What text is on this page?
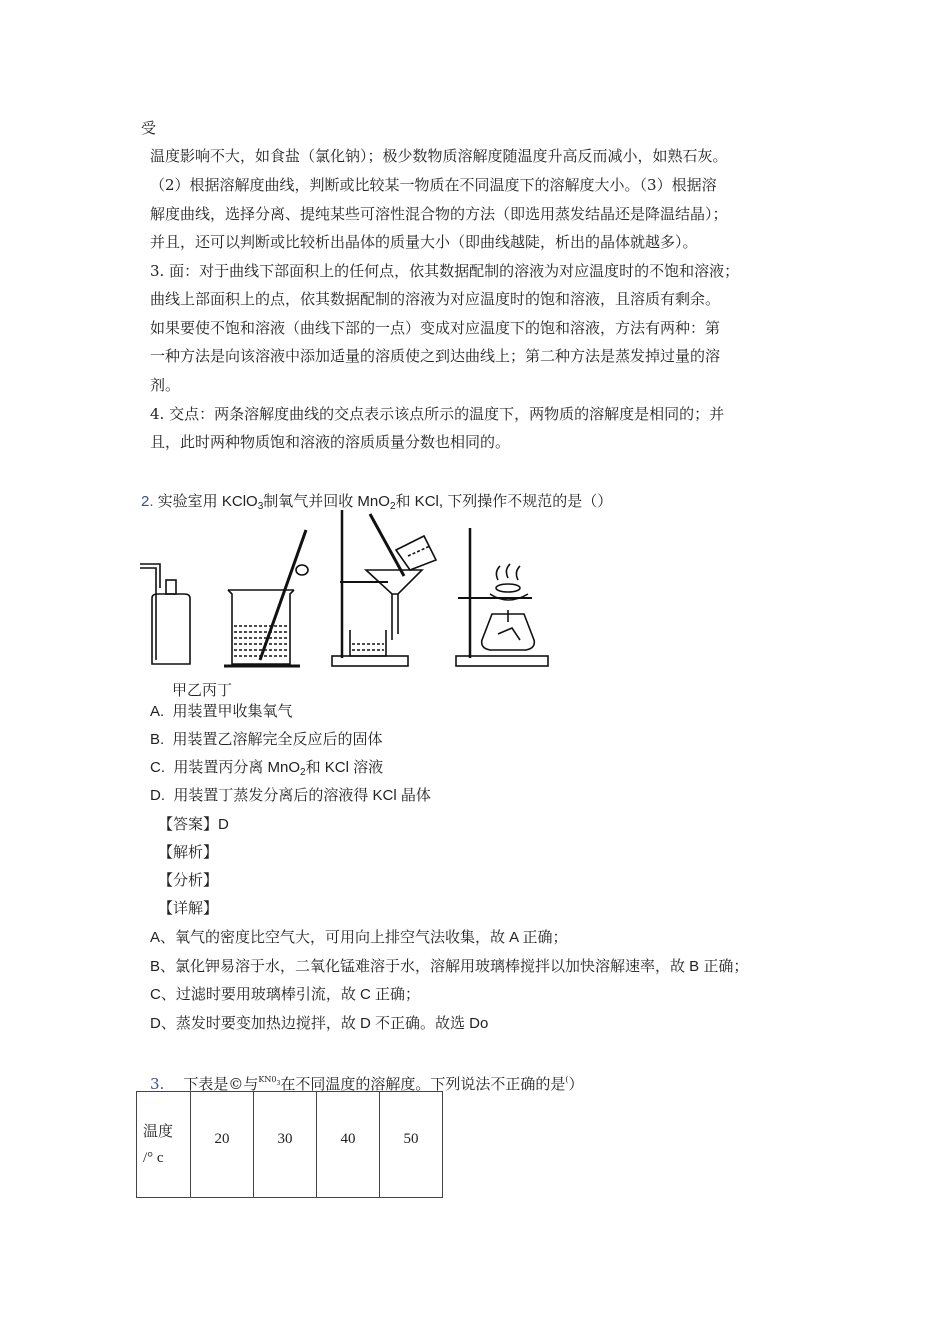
受
温度影响不大，如食盐（氯化钠）；极少数物质溶解度随温度升高反而减小，如熟石灰。
（2）根据溶解度曲线，判断或比较某一物质在不同温度下的溶解度大小。（3）根据溶
解度曲线，选择分离、提纯某些可溶性混合物的方法（即选用蒸发结晶还是降温结晶）；
并且，还可以判断或比较析出晶体的质量大小（即曲线越陡，析出的晶体就越多）。
3. 面：对于曲线下部面积上的任何点，依其数据配制的溶液为对应温度时的不饱和溶液；
曲线上部面积上的点，依其数据配制的溶液为对应温度时的饱和溶液，且溶质有剩余。
如果要使不饱和溶液（曲线下部的一点）变成对应温度下的饱和溶液，方法有两种：第
一种方法是向该溶液中添加适量的溶质使之到达曲线上；第二种方法是蒸发掉过量的溶
剂。
4. 交点：两条溶解度曲线的交点表示该点所示的温度下，两物质的溶解度是相同的；并
且，此时两种物质饱和溶液的溶质质量分数也相同的。
2. 实验室用 KClO$_3$制氧气并回收 MnO$_2$和 KCl, 下列操作不规范的是（）
甲乙丙丁
A. 用装置甲收集氧气
B. 用装置乙溶解完全反应后的固体
C. 用装置丙分离 MnO$_2$和 KCl 溶液
D. 用装置丁蒸发分离后的溶液得 KCl 晶体
【答案】D
【解析】
【分析】
【详解】
A、氧气的密度比空气大，可用向上排空气法收集，故 A 正确；
B、氯化钾易溶于水，二氧化锰难溶于水，溶解用玻璃棒搅拌以加快溶解速率，故 B 正确；
C、过滤时要用玻璃棒引流，故 C 正确；
D、蒸发时要变加热边搅拌，故 D 不正确。故选 Do
3. 下表是©与$^{KN0_3}$在不同温度的溶解度。下列说法不正确的是(）
温度
/° c
	20	30	40	50
